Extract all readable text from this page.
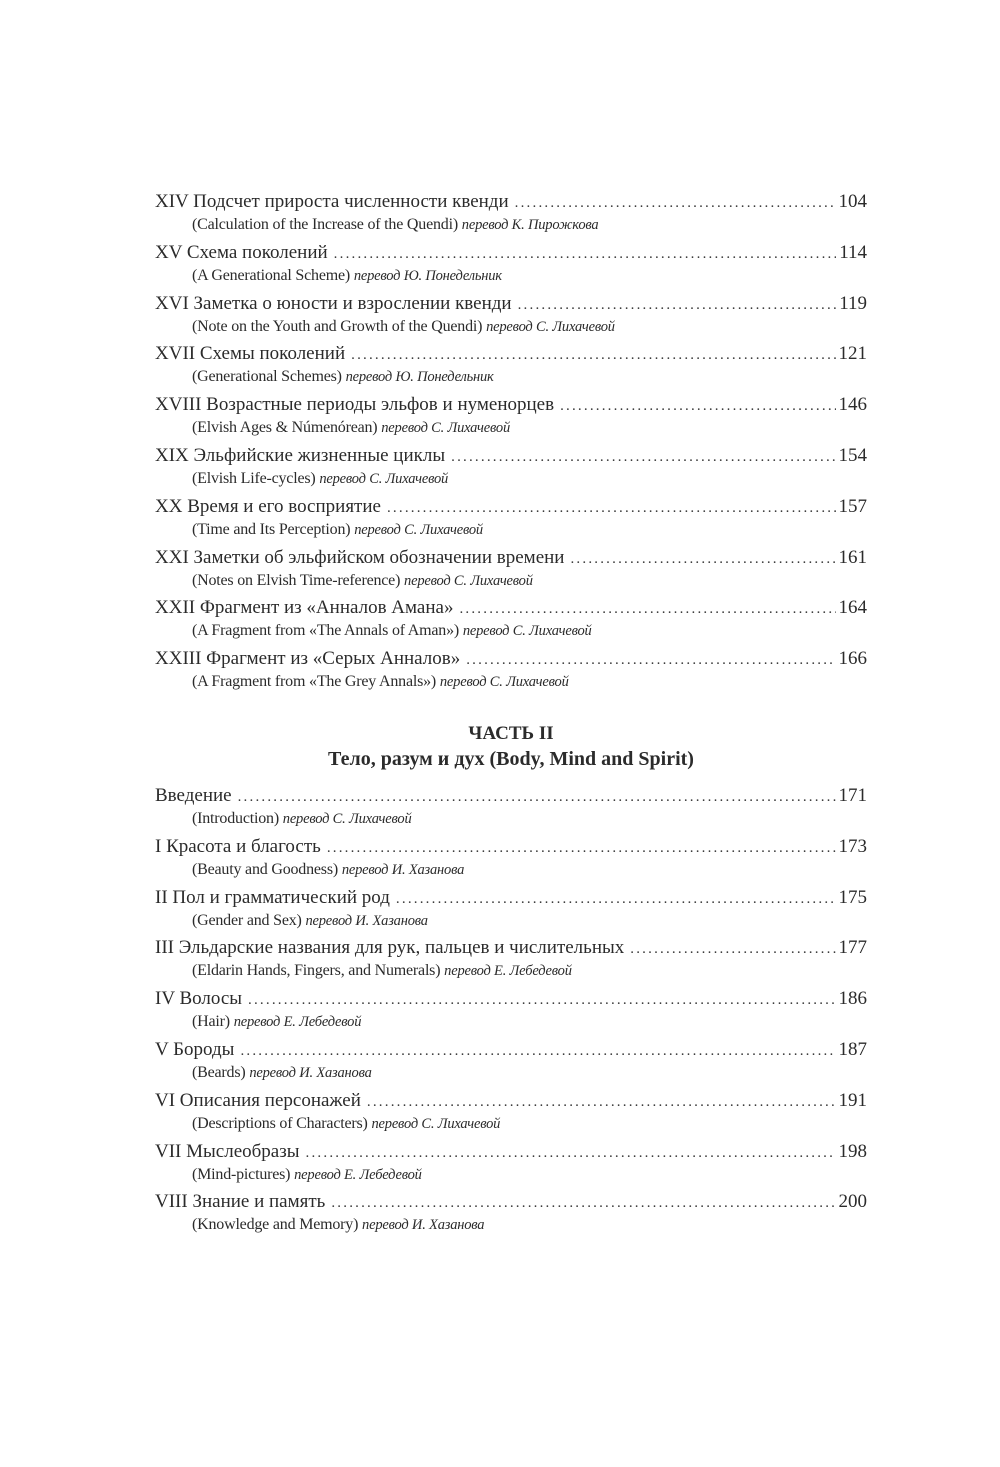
XIV Подсчет прироста численности квенди .....	104
(Calculation of the Increase of the Quendi) перевод К. Пирожкова
XV Схема поколений .....	114
(A Generational Scheme) перевод Ю. Понедельник
XVI Заметка о юности и взрослении квенди .....	119
(Note on the Youth and Growth of the Quendi) перевод С. Лихачевой
XVII Схемы поколений .....	121
(Generational Schemes) перевод Ю. Понедельник
XVIII Возрастные периоды эльфов и нуменорцев .....	146
(Elvish Ages & Númenórean) перевод С. Лихачевой
XIX Эльфийские жизненные циклы .....	154
(Elvish Life-cycles) перевод С. Лихачевой
XX Время и его восприятие .....	157
(Time and Its Perception) перевод С. Лихачевой
XXI Заметки об эльфийском обозначении времени .....	161
(Notes on Elvish Time-reference) перевод С. Лихачевой
XXII Фрагмент из «Анналов Амана» .....	164
(A Fragment from «The Annals of Aman») перевод С. Лихачевой
XXIII Фрагмент из «Серых Анналов» .....	166
(A Fragment from «The Grey Annals») перевод С. Лихачевой
ЧАСТЬ II
Тело, разум и дух (Body, Mind and Spirit)
Введение .....	171
(Introduction) перевод С. Лихачевой
I Красота и благость .....	173
(Beauty and Goodness) перевод И. Хазанова
II Пол и грамматический род .....	175
(Gender and Sex) перевод И. Хазанова
III Эльдарские названия для рук, пальцев и числительных .....	177
(Eldarin Hands, Fingers, and Numerals) перевод Е. Лебедевой
IV Волосы .....	186
(Hair) перевод Е. Лебедевой
V Бороды .....	187
(Beards) перевод И. Хазанова
VI Описания персонажей .....	191
(Descriptions of Characters) перевод С. Лихачевой
VII Мыслеобразы .....	198
(Mind-pictures) перевод Е. Лебедевой
VIII Знание и память .....	200
(Knowledge and Memory) перевод И. Хазанова
